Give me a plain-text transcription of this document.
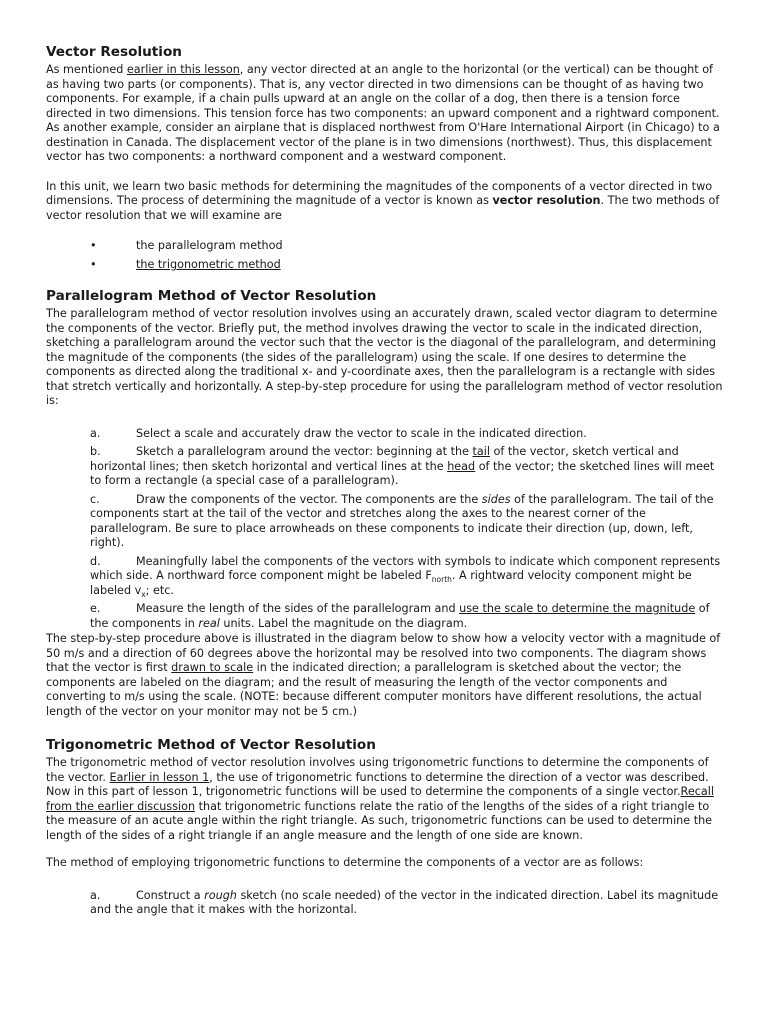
Vector Resolution

As mentioned earlier in this lesson, any vector directed at an angle to the horizontal (or the vertical) can be thought of as having two parts (or components). That is, any vector directed in two dimensions can be thought of as having two components. For example, if a chain pulls upward at an angle on the collar of a dog, then there is a tension force directed in two dimensions. This tension force has two components: an upward component and a rightward component. As another example, consider an airplane that is displaced northwest from O'Hare International Airport (in Chicago) to a destination in Canada. The displacement vector of the plane is in two dimensions (northwest). Thus, this displacement vector has two components: a northward component and a westward component.

In this unit, we learn two basic methods for determining the magnitudes of the components of a vector directed in two dimensions. The process of determining the magnitude of a vector is known as vector resolution. The two methods of vector resolution that we will examine are

•	the parallelogram method
•	the trigonometric method
Parallelogram Method of Vector Resolution

The parallelogram method of vector resolution involves using an accurately drawn, scaled vector diagram to determine the components of the vector. Briefly put, the method involves drawing the vector to scale in the indicated direction, sketching a parallelogram around the vector such that the vector is the diagonal of the parallelogram, and determining the magnitude of the components (the sides of the parallelogram) using the scale. If one desires to determine the components as directed along the traditional x- and y-coordinate axes, then the parallelogram is a rectangle with sides that stretch vertically and horizontally. A step-by-step procedure for using the parallelogram method of vector resolution is:

a.	Select a scale and accurately draw the vector to scale in the indicated direction.
b.	Sketch a parallelogram around the vector: beginning at the tail of the vector, sketch vertical and horizontal lines; then sketch horizontal and vertical lines at the head of the vector; the sketched lines will meet to form a rectangle (a special case of a parallelogram).
c.	Draw the components of the vector. The components are the sides of the parallelogram. The tail of the components start at the tail of the vector and stretches along the axes to the nearest corner of the parallelogram. Be sure to place arrowheads on these components to indicate their direction (up, down, left, right).
d.	Meaningfully label the components of the vectors with symbols to indicate which component represents which side. A northward force component might be labeled $F_{north}$. A rightward velocity component might be labeled $v_x$; etc.
e.	Measure the length of the sides of the parallelogram and use the scale to determine the magnitude of the components in real units. Label the magnitude on the diagram.

The step-by-step procedure above is illustrated in the diagram below to show how a velocity vector with a magnitude of 50 m/s and a direction of 60 degrees above the horizontal may be resolved into two components. The diagram shows that the vector is first drawn to scale in the indicated direction; a parallelogram is sketched about the vector; the components are labeled on the diagram; and the result of measuring the length of the vector components and converting to m/s using the scale. (NOTE: because different computer monitors have different resolutions, the actual length of the vector on your monitor may not be 5 cm.)

Trigonometric Method of Vector Resolution

The trigonometric method of vector resolution involves using trigonometric functions to determine the components of the vector. Earlier in lesson 1, the use of trigonometric functions to determine the direction of a vector was described. Now in this part of lesson 1, trigonometric functions will be used to determine the components of a single vector.Recall from the earlier discussion that trigonometric functions relate the ratio of the lengths of the sides of a right triangle to the measure of an acute angle within the right triangle. As such, trigonometric functions can be used to determine the length of the sides of a right triangle if an angle measure and the length of one side are known.

The method of employing trigonometric functions to determine the components of a vector are as follows:

a.	Construct a rough sketch (no scale needed) of the vector in the indicated direction. Label its magnitude and the angle that it makes with the horizontal.
